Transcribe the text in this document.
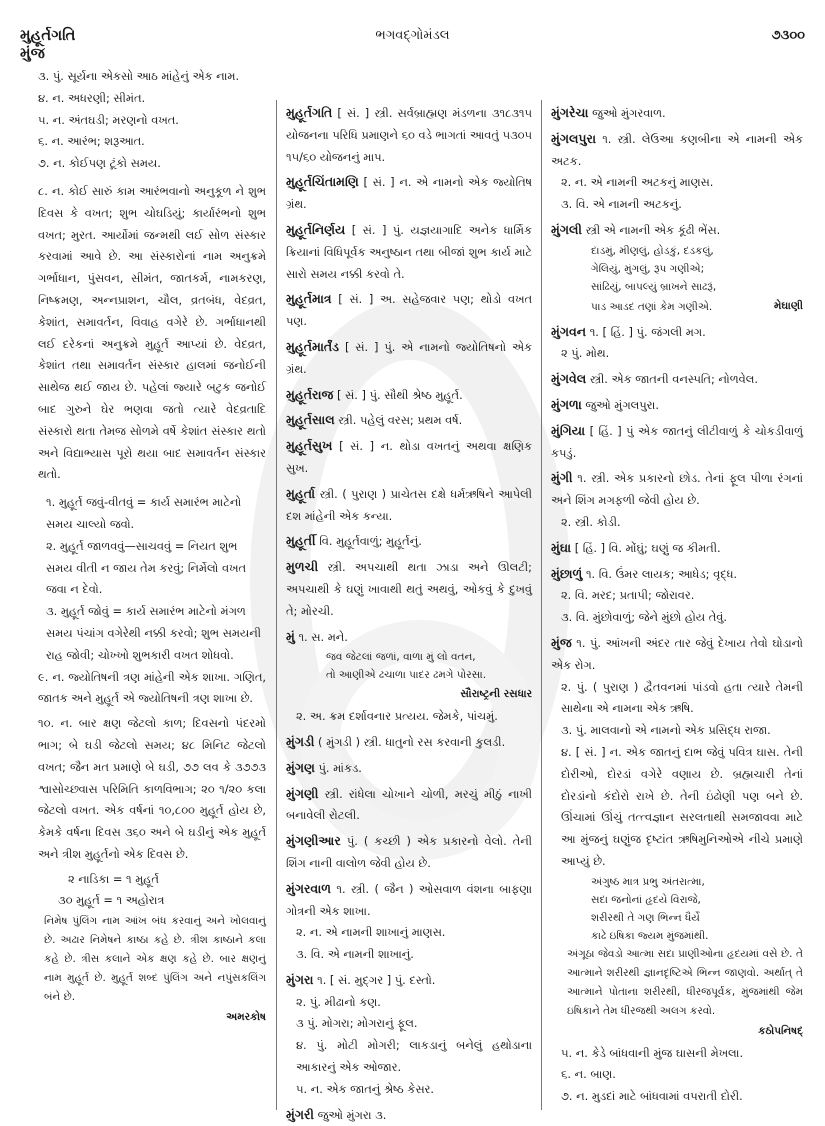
મુહૂર્તગતિ
મુંજ
ભગવદ્ગોમંડલ	૭૩૦૦
૩. પું. સૂર્યના એકસો આઠ માંહેનું એક નામ.
૪. ન. અધરણી; સીમંત.
૫. ન. અંતઘડી; મરણનો વખત.
૬. ન. આરંભ; શરૂઆત.
૭. ન. કોઈપણ ટૂંકો સમય.

૮. ન. કોઈ સારું કામ આરંભવાનો અનુકૂળ ને શુભ દિવસ કે વખત; શુભ ચોઘડિયું; કાર્યારંભનો શુભ વખત; મુરત. આર્યોમાં જન્મથી લઈ સોળ સંસ્કાર કરવામાં આવે છે. આ સંસ્કારોનાં નામ અનુક્રમે ગર્ભાધાન, પુંસવન, સીમંત, જાતકર્મ, નામકરણ, નિષ્ક્રમણ, અન્નપ્રાશન, ચૌલ, વ્રતબંધ, વેદવ્રત, કેશાંત, સમાવર્તન, વિવાહ વગેરે છે. ગર્ભાધાનથી લઈ દરેકનાં અનુક્રમે મુહૂર્ત આપ્યાં છે. વેદવ્રત, કેશાંત તથા સમાવર્તન સંસ્કાર હાલમાં જનોઈની સાથેજ થઈ જાય છે. પહેલાં જ્યારે બટુક જનોઈ બાદ ગુરુને ઘેર ભણવા જતો ત્યારે વેદવ્રતાદિ સંસ્કારો થતા તેમજ સોળમે વર્ષે કેશાંત સંસ્કાર થતો અને વિદ્યાભ્યાસ પૂરો થયા બાદ સમાવર્તન સંસ્કાર થતો.

૧. મુહૂર્ત જવું-વીતવું = કાર્ય સમારંભ માટેનો સમય ચાલ્યો જવો.
૨. મુહૂર્ત જાળવવું—સાચવવું = નિયત શુભ સમય વીતી ન જાય તેમ કરવું; નિર્મેલો વખત જવા ન દેવો.
૩. મુહૂર્ત જોવું = કાર્ય સમારંભ માટેનો મંગળ સમય પંચાંગ વગેરેથી નક્કી કરવો; શુભ સમયની રાહ જોવી; ચોખ્ખો શુભકારી વખત શોધવો.

૯. ન. જ્યોતિષની ત્રણ માંહેની એક શાખા. ગણિત, જાતક અને મુહૂર્ત એ જ્યોતિષની ત્રણ શાખા છે.

૧૦. ન. બાર ક્ષણ જેટલો કાળ; દિવસનો પંદરમો ભાગ; બે ઘડી જેટલો સમય; ૪૮ મિનિટ જેટલો વખત; જૈન મત પ્રમાણે બે ઘડી, ૭૭ લવ કે ૩૭૭૩ શ્વાસોચ્છ્વાસ પરિમિતિ કાળવિભાગ; ૨૦ ૧/૨૦ કલા જેટલો વખત. એક વર્ષનાં ૧૦,૮૦૦ મુહૂર્ત હોય છે, કેમકે વર્ષના દિવસ ૩૬૦ અને બે ઘડીનું એક મુહૂર્ત અને ત્રીશ મુહૂર્તનો એક દિવસ છે.

૨ નાડિકા = ૧ મુહૂર્ત
૩૦ મુહૂર્ત = ૧ અહોરાત્ર
નિમેષ પુંલિંગ નામ આંખ બંધ કરવાનું અને ખોલવાનું છે. અઢાર નિમેષને કાષ્ઠા કહે છે. ત્રીશ કાષ્ઠાને કલા કહે છે. ત્રીસ કલાને એક ક્ષણ કહે છે. બાર ક્ષણનું નામ મુહૂર્ત છે. મુહૂર્ત શબ્દ પુંલિંગ અને નપુંસકલિંગ બંને છે.
અમરકોષ

મુહૂર્તગતિ [ સં. ] સ્ત્રી. સર્વબ્રાહ્મણ મંડળના ૩૧૮૩૧૫ યોજનના પરિધિ પ્રમાણને ૬૦ વડે ભાગતાં આવતું ૫૩૦૫ ૧૫/૬૦ યોજનનું માપ.

મુહૂર્તચિંતામણિ [ સં. ] ન. એ નામનો એક જ્યોતિષ ગ્રંથ.

મુહૂર્તનિર્ણય [ સં. ] પું. યજ્ઞયાગાદિ અનેક ધાર્મિક ક્રિયાનાં વિધિપૂર્વક અનુષ્ઠાન તથા બીજાં શુભ કાર્ય માટે સારો સમય નક્કી કરવો તે.

મુહૂર્તમાત્ર [ સં. ] અ. સહેજવાર પણ; થોડો વખત પણ.

મુહૂર્તમાર્તંડ [ સં. ] પું. એ નામનો જ્યોતિષનો એક ગ્રંથ.

મુહૂર્તરાજ [ સં. ] પું. સૌથી શ્રેષ્ઠ મુહૂર્ત.

મુહૂર્તસાલ સ્ત્રી. પહેલું વરસ; પ્રથમ વર્ષ.

મુહૂર્તસુખ [ સં. ] ન. થોડા વખતનું અથવા ક્ષણિક સુખ.

મુહૂર્તા સ્ત્રી. ( પુરાણ ) પ્રાચેતસ દક્ષે ધર્મઋષિને આપેલી દશ માંહેની એક કન્યા.

મુહૂર્તી વિ. મુહૂર્તવાળું; મુહૂર્તનું.

મુળચી સ્ત્રી. અપચાથી થતા ઝાડા અને ઊલટી; અપચાથી કે ઘણું ખાવાથી થતું અથવું, ઓકવું કે દુખવું તે; મોરચી.

મું ૧. સ. મને.
જવ જેટલાં જળાં, વાળા મું લો વતન,
તો આણીએ ઢચાળા પાદર ઢમગે પોરસા.
સૌરાષ્ટ્રની રસધાર
૨. અ. ક્રમ દર્શાવનાર પ્રત્યય. જેમકે, પાંચમું.

મુંગડી ( મુંગડી ) સ્ત્રી. ધાતુનો રસ કરવાની કુલડી.

મુંગણ પું. માંકડ.

મુંગણી સ્ત્રી. રાંધેલા ચોખાને ચોળી, મરચું મીઠું નાખી બનાવેલી રોટલી.

મુંગણીઆર પું. ( કચ્છી ) એક પ્રકારનો વેલો. તેની શિંગ નાની વાલોળ જેવી હોય છે.

મુંગરવાળ ૧. સ્ત્રી. ( જૈન ) ઓસવાળ વંશના બાફણા ગોત્રની એક શાખા.
૨. ન. એ નામની શાખાનું માણસ.
૩. વિ. એ નામની શાખાનું.

મુંગરા ૧. [ સં. મુદ્ગર ] પું. દસ્તો.
૨. પું. મીઢાનો કણ.
૩ પું. મોગરા; મોગરાનું ફૂલ.
૪. પું. મોટી મોગરી; લાકડાનું બનેલું હથોડાના આકારનું એક ઓજાર.
૫. ન. એક જાતનું શ્રેષ્ઠ કેસર.

મુંગરી જુઓ મુંગરા ૩.

મુંગરેચા જુઓ મુંગરવાળ.

મુંગલપુરા ૧. સ્ત્રી. લેઉઆ કણબીના એ નામની એક અટક.
૨. ન. એ નામની અટકનું માણસ.
૩. વિ. એ નામની અટકનું.

મુંગલી સ્ત્રી એ નામની એક કૂંઢી ભેંસ.
દાડમું, મીણલું, હોડકું, દડકલું,
ગેલિયું, મુંગલું, રૂપ ગણીએ;
સાંઢિયું, બાપલ્યું બ્રાખને સાઢરૂં,
પાડ આડદ તણાં કેમ ગણીએ.	મેઘાણી

મુંગવન ૧. [ હિં. ] પું. જંગલી મગ.
૨ પું. મોથ.

મુંગવેલ સ્ત્રી. એક જાતની વનસ્પતિ; નોળવેલ.

મુંગળા જુઓ મુંગલપુરા.

મુંગિયા [ હિં. ] પું એક જાતનું લીટીવાળું કે ચોકડીવાળું કપડું.

મુંગી ૧. સ્ત્રી. એક પ્રકારનો છોડ. તેનાં ફૂલ પીળા રંગનાં અને શિંગ મગફળી જેવી હોય છે.
૨. સ્ત્રી. કોડી.

મુંઘા [ હિં. ] વિ. મોંઘું; ઘણું જ કીમતી.

મુંછાળું ૧. વિ. ઉંમર લાયક; આધેડ; વૃદ્ધ.
૨. વિ. મરદ; પ્રતાપી; જોરાવર.
૩. વિ. મુંછોવાળું; જેને મુંછો હોય તેવું.

મુંજ ૧. પું. આંખની અંદર તાર જેવું દેખાય તેવો ઘોડાનો એક રોગ.
૨. પું. ( પુરાણ ) દ્વૈતવનમાં પાંડવો હતા ત્યારે તેમની સાથેના એ નામના એક ઋષિ.
૩. પું. માલવાનો એ નામનો એક પ્રસિદ્ધ રાજા.
૪. [ સં. ] ન. એક જાતનું દાભ જેવું પવિત્ર ઘાસ. તેની દોરીઓ, દોરડાં વગેરે વણાય છે. બ્રહ્મચારી તેનાં દોરડાંનો કંદોરો રાખે છે. તેની ઇંઢોણી પણ બને છે. ઊંચામાં ઊંચું તત્ત્વજ્ઞાન સરલતાથી સમજાવવા માટે આ મુંજનું ઘણુંજ દૃષ્ટાંત ઋષિમુનિઓએ નીચે પ્રમાણે આપ્યું છે.
અંગુષ્ઠ માત્ર પ્રભુ અંતરાત્મા,
સદા જનોનાં હૃદયે વિરાજે,
શરીરથી તે ગણ ભિન્ન ધૈર્યે
કાઢે ઇષિકા જ્યમ મુંજમાંથી.
અંગૂઠા જેવડો આત્મા સદા પ્રાણીઓના હૃદયમાં વસે છે. તે આત્માને શરીરથી જ્ઞાનદૃષ્ટિએ ભિન્ન જાણવો. અર્થાત્ તે આત્માને પોતાના શરીરથી, ધીરજપૂર્વક, મુંજમાંથી જેમ ઇષિકાને તેમ ધીરજથી અલગ કરવો.
કઠોપનિષદ્
૫. ન. કેડે બાંધવાની મુંજ ઘાસની મેખલા.
૬. ન. બાણ.
૭. ન. મુડદાં માટે બાંધવામાં વપરાતી દોરી.
